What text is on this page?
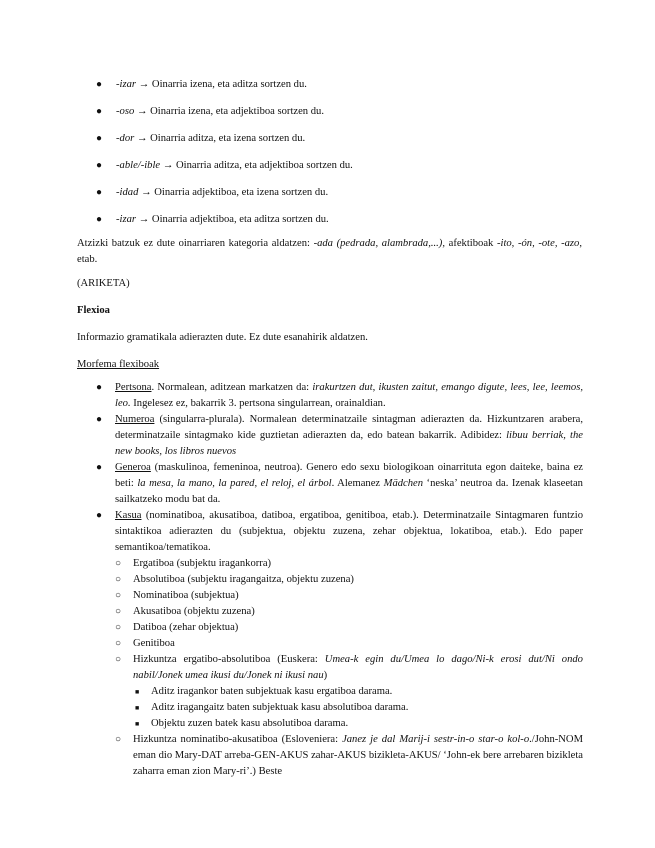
● -izar → Oinarria izena, eta aditza sortzen du.
● -oso → Oinarria izena, eta adjektiboa sortzen du.
● -dor → Oinarria aditza, eta izena sortzen du.
● -able/-ible → Oinarria aditza, eta adjektiboa sortzen du.
● -idad → Oinarria adjektiboa, eta izena sortzen du.
● -izar → Oinarria adjektiboa, eta aditza sortzen du.

Atzizki batzuk ez dute oinarriaren kategoria aldatzen: -ada (pedrada, alambrada,...), afektiboak -ito, -ón, -ote, -azo, etab.

(ARIKETA)

Flexioa

Informazio gramatikala adierazten dute. Ez dute esanahirik aldatzen.

Morfema flexiboak

● Pertsona. Normalean, aditzean markatzen da: irakurtzen dut, ikusten zaitut, emango digute, lees, lee, leemos, leo. Ingelesez ez, bakarrik 3. pertsona singularrean, orainaldian.
● Numeroa (singularra-plurala). Normalean determinatzaile sintagman adierazten da. Hizkuntzaren arabera, determinatzaile sintagmako kide guztietan adierazten da, edo batean bakarrik. Adibidez: libuu berriak, the new books, los libros nuevos
● Generoa (maskulinoa, femeninoa, neutroa). Genero edo sexu biologikoan oinarrituta egon daiteke, baina ez beti: la mesa, la mano, la pared, el reloj, el árbol. Alemanez Mädchen ‘neska’ neutroa da. Izenak klaseetan sailkatzeko modu bat da.
● Kasua (nominatiboa, akusatiboa, datiboa, ergatiboa, genitiboa, etab.). Determinatzaile Sintagmaren funtzio sintaktikoa adierazten du (subjektua, objektu zuzena, zehar objektua, lokatiboa, etab.). Edo paper semantikoa/tematikoa.
○ Ergatiboa (subjektu iragankorra)
○ Absolutiboa (subjektu iragangaitza, objektu zuzena)
○ Nominatiboa (subjektua)
○ Akusatiboa (objektu zuzena)
○ Datiboa (zehar objektua)
○ Genitiboa
○ Hizkuntza ergatibo-absolutiboa (Euskera: Umea-k egin du/Umea lo dago/Ni-k erosi dut/Ni ondo nabil/Jonek umea ikusi du/Jonek ni ikusi nau)
■ Aditz iragankor baten subjektuak kasu ergatiboa darama.
■ Aditz iragangaitz baten subjektuak kasu absolutiboa darama.
■ Objektu zuzen batek kasu absolutiboa darama.
○ Hizkuntza nominatibo-akusatiboa (Esloveniera: Janez je dal Marij-i sestr-in-o star-o kol-o./John-NOM eman dio Mary-DAT arreba-GEN-AKUS zahar-AKUS bizikleta-AKUS/ ‘John-ek bere arrebaren bizikleta zaharra eman zion Mary-ri’.) Beste
